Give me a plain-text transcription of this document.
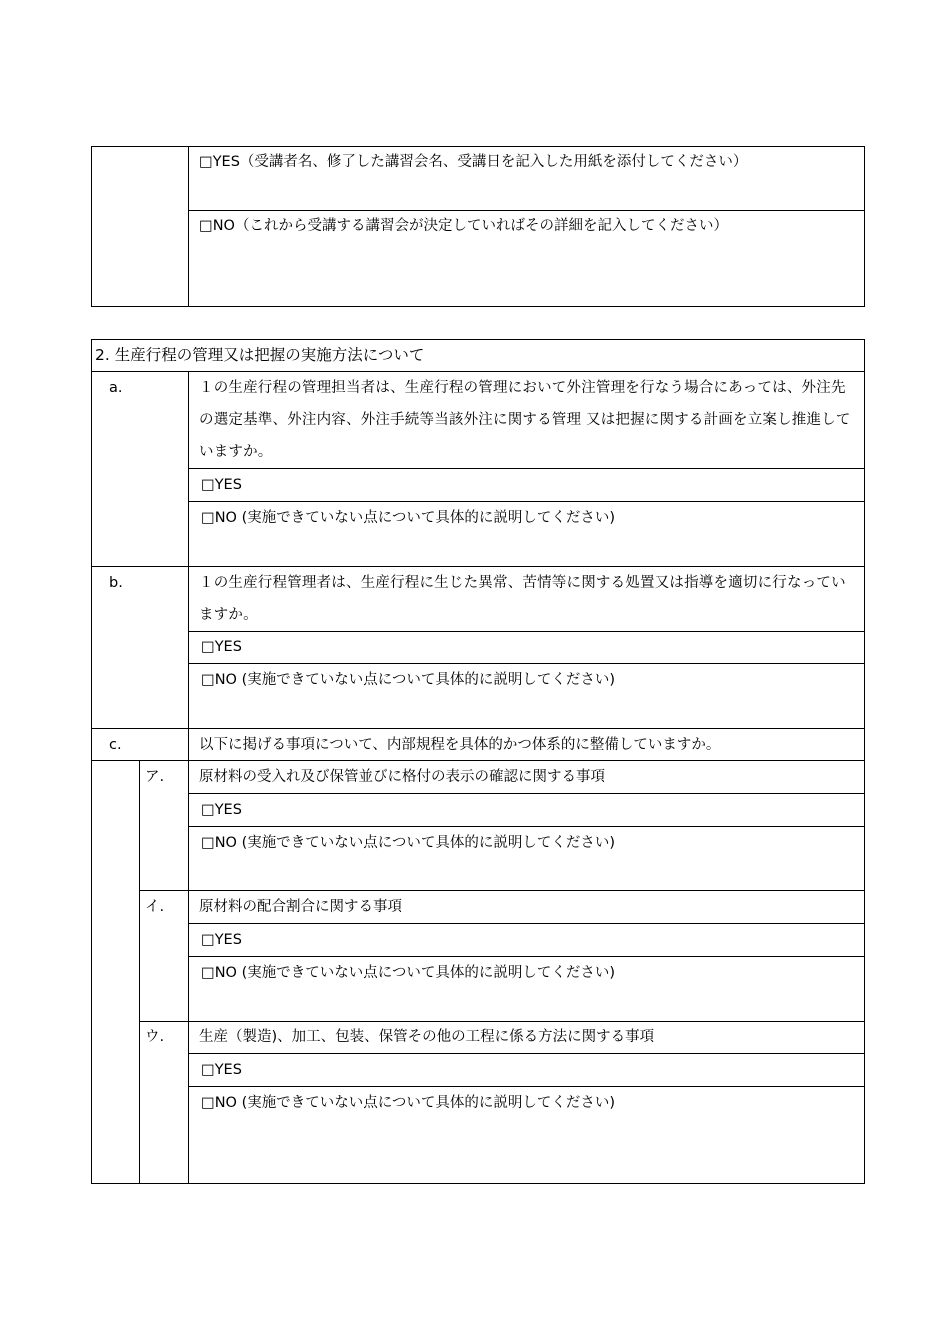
□YES（受講者名、修了した講習会名、受講日を記入した用紙を添付してください）
□NO（これから受講する講習会が決定していればその詳細を記入してください）
2. 生産行程の管理又は把握の実施方法について
a.	１の生産行程の管理担当者は、生産行程の管理において外注管理を行なう場合にあっては、外注先の選定基準、外注内容、外注手続等当該外注に関する管理 又は把握に関する計画を立案し推進していますか。
□YES
□NO (実施できていない点について具体的に説明してください)
b.	１の生産行程管理者は、生産行程に生じた異常、苦情等に関する処置又は指導を適切に行なっていますか。
□YES
□NO (実施できていない点について具体的に説明してください)
c.	以下に掲げる事項について、内部規程を具体的かつ体系的に整備していますか。
ア. 原材料の受入れ及び保管並びに格付の表示の確認に関する事項
□YES
□NO (実施できていない点について具体的に説明してください)
イ. 原材料の配合割合に関する事項
□YES
□NO (実施できていない点について具体的に説明してください)
ウ. 生産（製造)、加工、包装、保管その他の工程に係る方法に関する事項
□YES
□NO (実施できていない点について具体的に説明してください)
